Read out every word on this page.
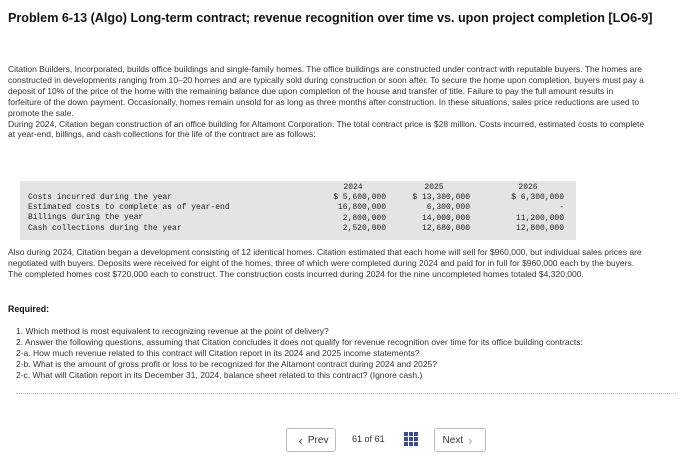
Problem 6-13 (Algo) Long-term contract; revenue recognition over time vs. upon project completion [LO6-9]

Citation Builders, Incorporated, builds office buildings and single-family homes. The office buildings are constructed under contract with reputable buyers. The homes are constructed in developments ranging from 10–20 homes and are typically sold during construction or soon after. To secure the home upon completion, buyers must pay a deposit of 10% of the price of the home with the remaining balance due upon completion of the house and transfer of title. Failure to pay the full amount results in forfeiture of the down payment. Occasionally, homes remain unsold for as long as three months after construction. In these situations, sales price reductions are used to promote the sale.

During 2024, Citation began construction of an office building for Altamont Corporation. The total contract price is $28 million. Costs incurred, estimated costs to complete at year-end, billings, and cash collections for the life of the contract are as follows:

Costs incurred during the year
Estimated costs to complete as of year-end
Billings during the year
Cash collections during the year
2024
$ 5,600,000
16,800,000
2,800,000
2,520,000
2025
$ 13,300,000
6,300,000
14,000,000
12,680,000
2026
$ 6,300,000
-
11,200,000
12,800,000
Also during 2024, Citation began a development consisting of 12 identical homes. Citation estimated that each home will sell for $960,000, but individual sales prices are negotiated with buyers. Deposits were received for eight of the homes, three of which were completed during 2024 and paid for in full for $960,000 each by the buyers. The completed homes cost $720,000 each to construct. The construction costs incurred during 2024 for the nine uncompleted homes totaled $4,320,000.
Required:
1. Which method is most equivalent to recognizing revenue at the point of delivery?
2. Answer the following questions, assuming that Citation concludes it does not qualify for revenue recognition over time for its office building contracts:
2-a. How much revenue related to this contract will Citation report in its 2024 and 2025 income statements?
2-b. What is the amount of gross profit or loss to be recognized for the Altamont contract during 2024 and 2025?
2-c. What will Citation report in its December 31, 2024, balance sheet related to this contract? (Ignore cash.)
‹ Prev	61 of 61	Next ›
